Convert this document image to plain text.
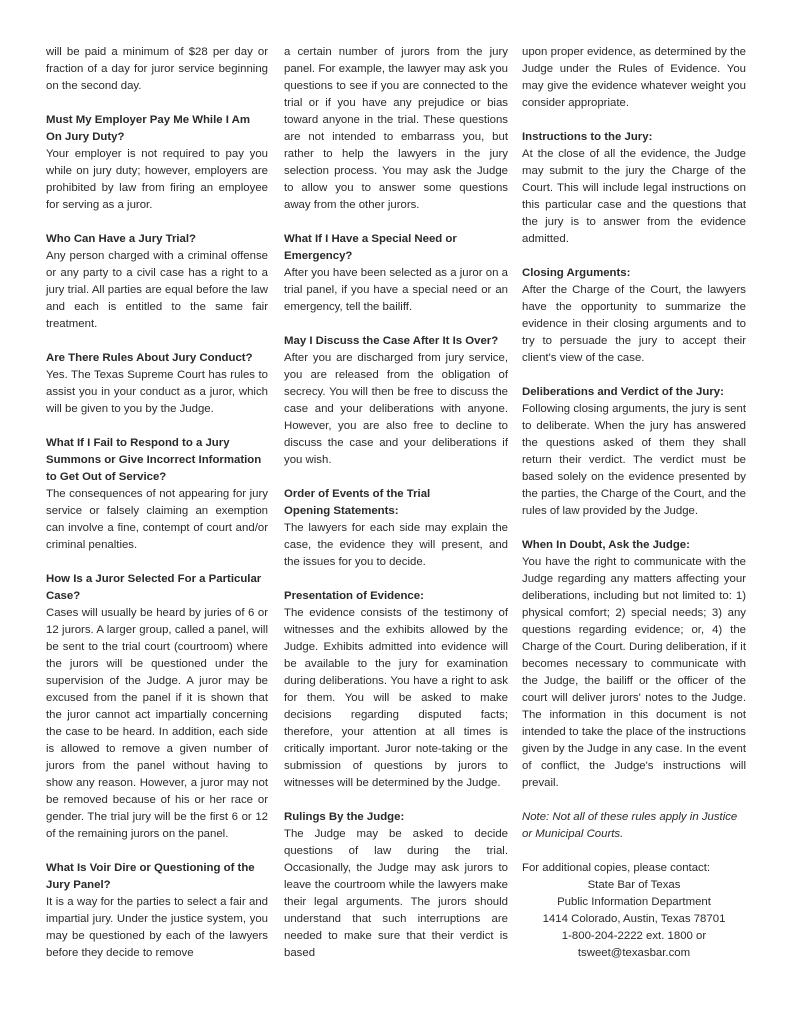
will be paid a minimum of $28 per day or fraction of a day for juror service beginning on the second day.

Must My Employer Pay Me While I Am On Jury Duty?

Your employer is not required to pay you while on jury duty; however, employers are prohibited by law from firing an employee for serving as a juror.

Who Can Have a Jury Trial?

Any person charged with a criminal offense or any party to a civil case has a right to a jury trial. All parties are equal before the law and each is entitled to the same fair treatment.

Are There Rules About Jury Conduct?

Yes. The Texas Supreme Court has rules to assist you in your conduct as a juror, which will be given to you by the Judge.

What If I Fail to Respond to a Jury Summons or Give Incorrect Information to Get Out of Service?

The consequences of not appearing for jury service or falsely claiming an exemption can involve a fine, contempt of court and/or criminal penalties.

How Is a Juror Selected For a Particular Case?

Cases will usually be heard by juries of 6 or 12 jurors. A larger group, called a panel, will be sent to the trial court (courtroom) where the jurors will be questioned under the supervision of the Judge. A juror may be excused from the panel if it is shown that the juror cannot act impartially concerning the case to be heard. In addition, each side is allowed to remove a given number of jurors from the panel without having to show any reason. However, a juror may not be removed because of his or her race or gender. The trial jury will be the first 6 or 12 of the remaining jurors on the panel.

What Is Voir Dire or Questioning of the Jury Panel?

It is a way for the parties to select a fair and impartial jury. Under the justice system, you may be questioned by each of the lawyers before they decide to remove

a certain number of jurors from the jury panel. For example, the lawyer may ask you questions to see if you are connected to the trial or if you have any prejudice or bias toward anyone in the trial. These questions are not intended to embarrass you, but rather to help the lawyers in the jury selection process. You may ask the Judge to allow you to answer some questions away from the other jurors.

What If I Have a Special Need or Emergency?

After you have been selected as a juror on a trial panel, if you have a special need or an emergency, tell the bailiff.

May I Discuss the Case After It Is Over?

After you are discharged from jury service, you are released from the obligation of secrecy. You will then be free to discuss the case and your deliberations with anyone. However, you are also free to decline to discuss the case and your deliberations if you wish.

Order of Events of the Trial

Opening Statements:

The lawyers for each side may explain the case, the evidence they will present, and the issues for you to decide.

Presentation of Evidence:

The evidence consists of the testimony of witnesses and the exhibits allowed by the Judge. Exhibits admitted into evidence will be available to the jury for examination during deliberations. You have a right to ask for them. You will be asked to make decisions regarding disputed facts; therefore, your attention at all times is critically important. Juror note-taking or the submission of questions by jurors to witnesses will be determined by the Judge.

Rulings By the Judge:

The Judge may be asked to decide questions of law during the trial. Occasionally, the Judge may ask jurors to leave the courtroom while the lawyers make their legal arguments. The jurors should understand that such interruptions are needed to make sure that their verdict is based

upon proper evidence, as determined by the Judge under the Rules of Evidence. You may give the evidence whatever weight you consider appropriate.

Instructions to the Jury:

At the close of all the evidence, the Judge may submit to the jury the Charge of the Court. This will include legal instructions on this particular case and the questions that the jury is to answer from the evidence admitted.

Closing Arguments:

After the Charge of the Court, the lawyers have the opportunity to summarize the evidence in their closing arguments and to try to persuade the jury to accept their client's view of the case.

Deliberations and Verdict of the Jury:

Following closing arguments, the jury is sent to deliberate. When the jury has answered the questions asked of them they shall return their verdict. The verdict must be based solely on the evidence presented by the parties, the Charge of the Court, and the rules of law provided by the Judge.

When In Doubt, Ask the Judge:

You have the right to communicate with the Judge regarding any matters affecting your deliberations, including but not limited to: 1) physical comfort; 2) special needs; 3) any questions regarding evidence; or, 4) the Charge of the Court. During deliberation, if it becomes necessary to communicate with the Judge, the bailiff or the officer of the court will deliver jurors' notes to the Judge. The information in this document is not intended to take the place of the instructions given by the Judge in any case. In the event of conflict, the Judge's instructions will prevail.

Note: Not all of these rules apply in Justice or Municipal Courts.

For additional copies, please contact:

State Bar of Texas

Public Information Department

1414 Colorado, Austin, Texas 78701

1-800-204-2222 ext. 1800 or

tsweet@texasbar.com
